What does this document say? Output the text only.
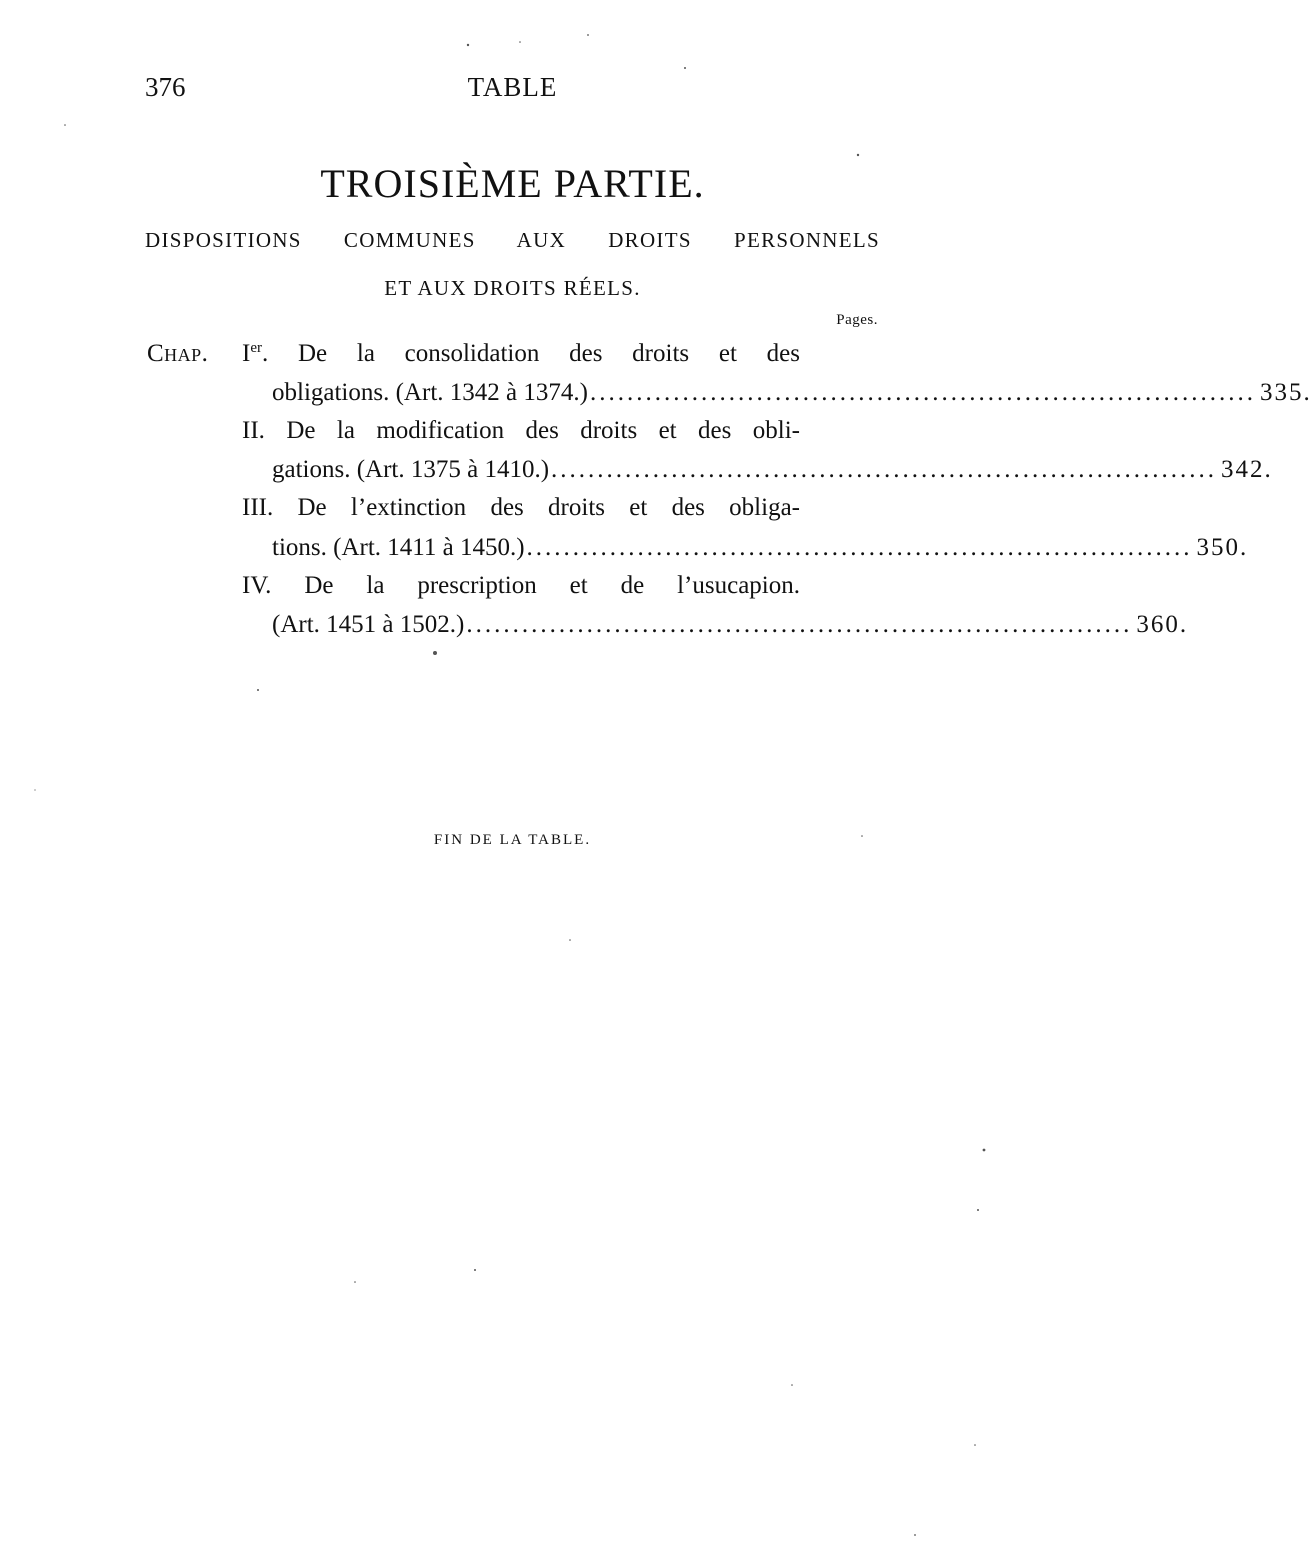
376	TABLE
TROISIÈME PARTIE.
DISPOSITIONS COMMUNES AUX DROITS PERSONNELS
ET AUX DROITS RÉELS.
Pages.
Chap. Ier. De la consolidation des droits et des
obligations. (Art. 1342 à 1374.) ........................................................................ 335.
II. De la modification des droits et des obli-
gations. (Art. 1375 à 1410.) ........................................................................ 342.
III. De l’extinction des droits et des obliga-
tions. (Art. 1411 à 1450.) ........................................................................ 350.
IV. De la prescription et de l’usucapion.
(Art. 1451 à 1502.) ........................................................................ 360.
FIN DE LA TABLE.
